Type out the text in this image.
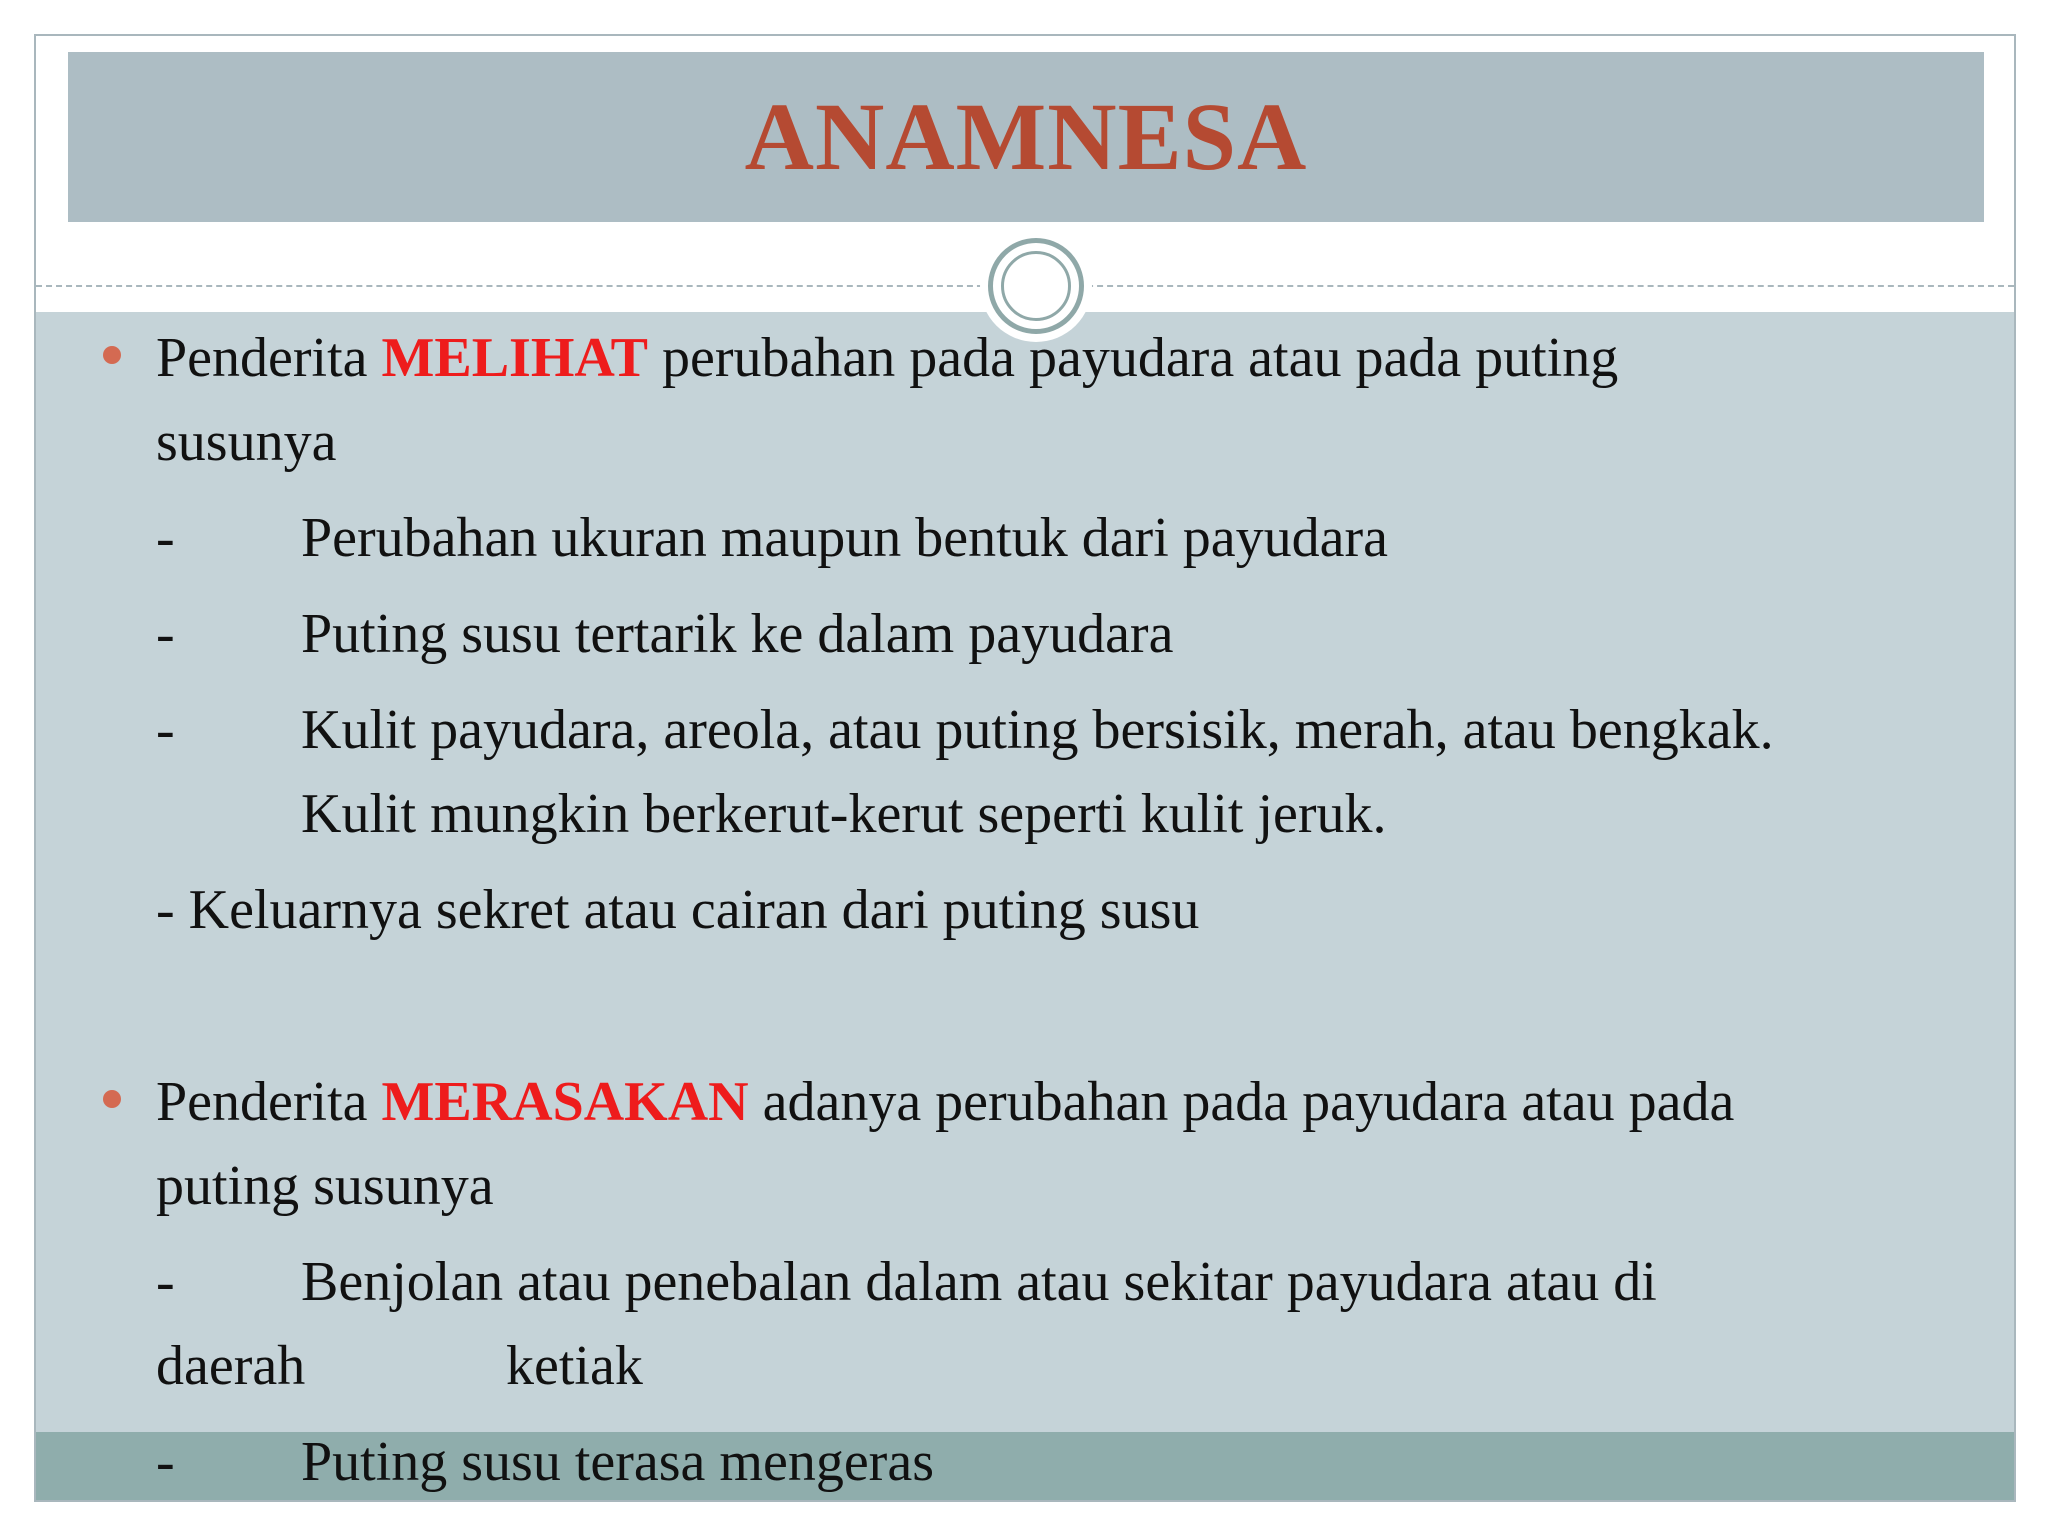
ANAMNESA
Penderita MELIHAT perubahan pada payudara atau pada puting
susunya
- Perubahan ukuran maupun bentuk dari payudara
- Puting susu tertarik ke dalam payudara
- Kulit payudara, areola, atau puting bersisik, merah, atau bengkak.
Kulit mungkin berkerut-kerut seperti kulit jeruk.
- Keluarnya sekret atau cairan dari puting susu
Penderita MERASAKAN adanya perubahan pada payudara atau pada
puting susunya
- Benjolan atau penebalan dalam atau sekitar payudara atau di
daerah	ketiak
- Puting susu terasa mengeras
